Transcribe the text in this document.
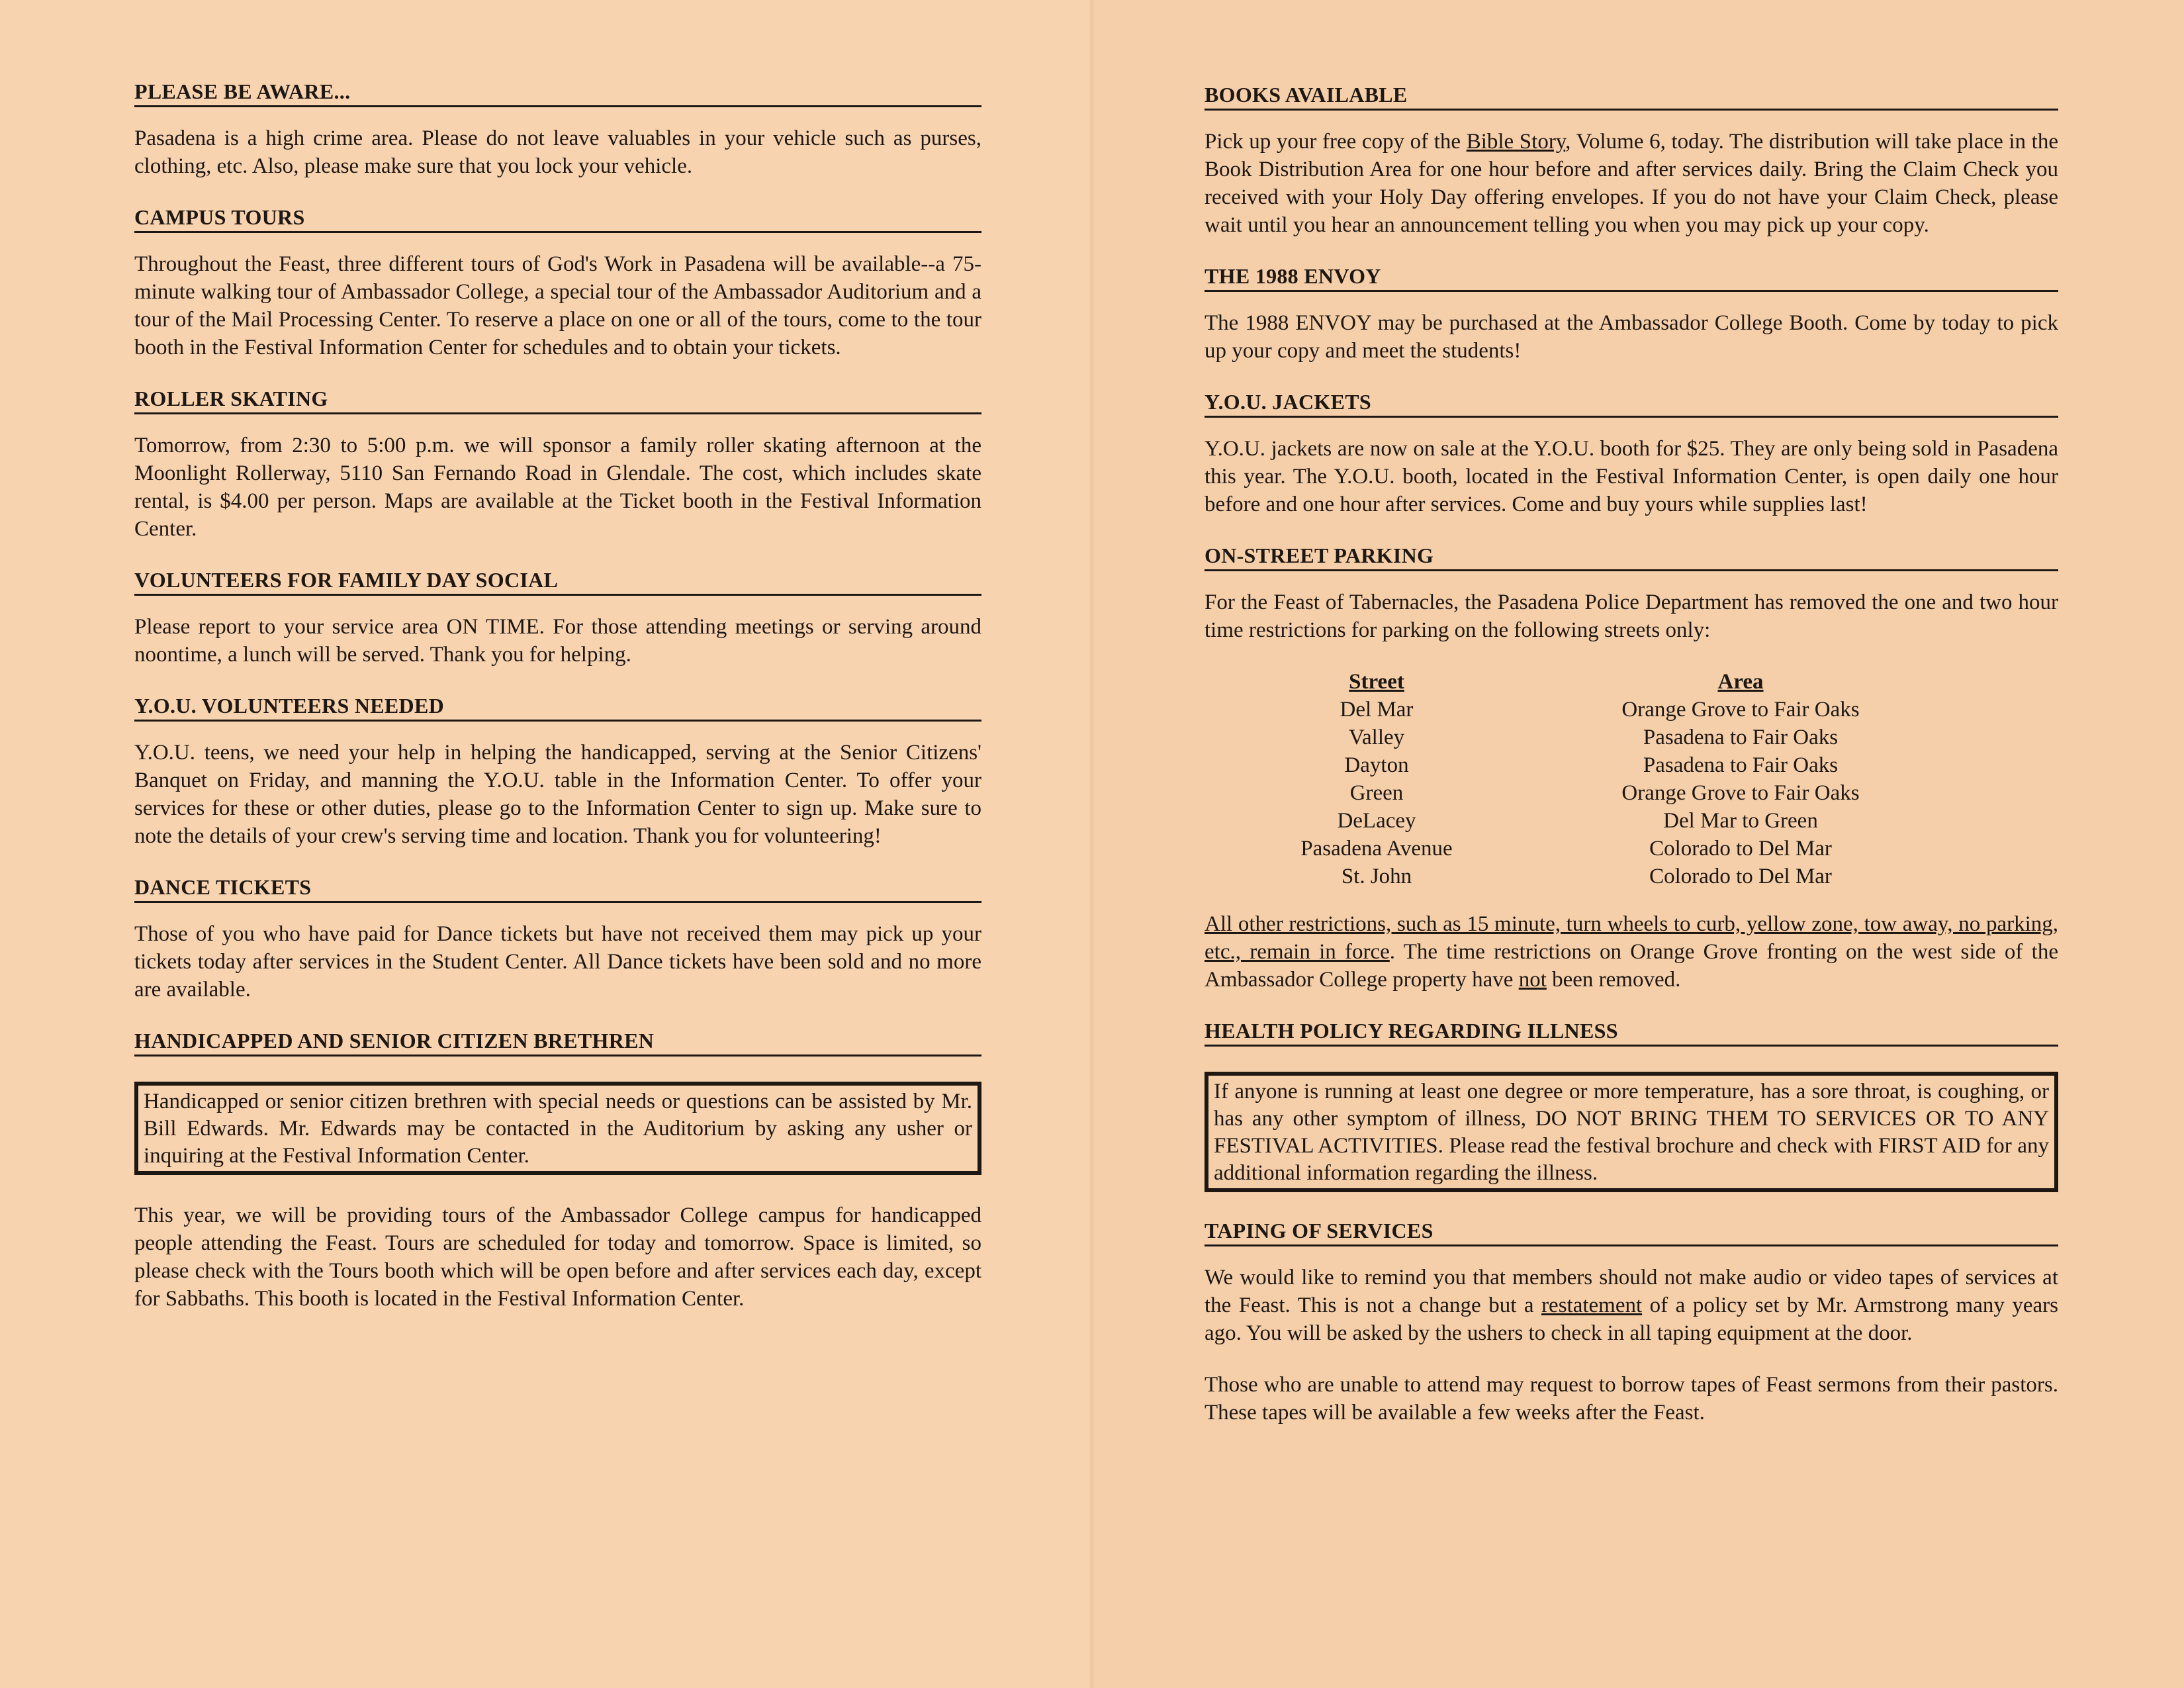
PLEASE BE AWARE...

Pasadena is a high crime area. Please do not leave valuables in your vehicle such as purses, clothing, etc. Also, please make sure that you lock your vehicle.

CAMPUS TOURS

Throughout the Feast, three different tours of God's Work in Pasadena will be available--a 75-minute walking tour of Ambassador College, a special tour of the Ambassador Auditorium and a tour of the Mail Processing Center. To reserve a place on one or all of the tours, come to the tour booth in the Festival Information Center for schedules and to obtain your tickets.

ROLLER SKATING

Tomorrow, from 2:30 to 5:00 p.m. we will sponsor a family roller skating afternoon at the Moonlight Rollerway, 5110 San Fernando Road in Glendale. The cost, which includes skate rental, is $4.00 per person. Maps are available at the Ticket booth in the Festival Information Center.

VOLUNTEERS FOR FAMILY DAY SOCIAL

Please report to your service area ON TIME. For those attending meetings or serving around noontime, a lunch will be served. Thank you for helping.

Y.O.U. VOLUNTEERS NEEDED

Y.O.U. teens, we need your help in helping the handicapped, serving at the Senior Citizens' Banquet on Friday, and manning the Y.O.U. table in the Information Center. To offer your services for these or other duties, please go to the Information Center to sign up. Make sure to note the details of your crew's serving time and location. Thank you for volunteering!

DANCE TICKETS

Those of you who have paid for Dance tickets but have not received them may pick up your tickets today after services in the Student Center. All Dance tickets have been sold and no more are available.

HANDICAPPED AND SENIOR CITIZEN BRETHREN
Handicapped or senior citizen brethren with special needs or questions can be assisted by Mr. Bill Edwards. Mr. Edwards may be contacted in the Auditorium by asking any usher or inquiring at the Festival Information Center.

This year, we will be providing tours of the Ambassador College campus for handicapped people attending the Feast. Tours are scheduled for today and tomorrow. Space is limited, so please check with the Tours booth which will be open before and after services each day, except for Sabbaths. This booth is located in the Festival Information Center.

BOOKS AVAILABLE

Pick up your free copy of the Bible Story, Volume 6, today. The distribution will take place in the Book Distribution Area for one hour before and after services daily. Bring the Claim Check you received with your Holy Day offering envelopes. If you do not have your Claim Check, please wait until you hear an announcement telling you when you may pick up your copy.

THE 1988 ENVOY

The 1988 ENVOY may be purchased at the Ambassador College Booth. Come by today to pick up your copy and meet the students!

Y.O.U. JACKETS

Y.O.U. jackets are now on sale at the Y.O.U. booth for $25. They are only being sold in Pasadena this year. The Y.O.U. booth, located in the Festival Information Center, is open daily one hour before and one hour after services. Come and buy yours while supplies last!

ON-STREET PARKING

For the Feast of Tabernacles, the Pasadena Police Department has removed the one and two hour time restrictions for parking on the following streets only:

Street	Area
Del Mar	Orange Grove to Fair Oaks
Valley	Pasadena to Fair Oaks
Dayton	Pasadena to Fair Oaks
Green	Orange Grove to Fair Oaks
DeLacey	Del Mar to Green
Pasadena Avenue	Colorado to Del Mar
St. John	Colorado to Del Mar

All other restrictions, such as 15 minute, turn wheels to curb, yellow zone, tow away, no parking, etc., remain in force. The time restrictions on Orange Grove fronting on the west side of the Ambassador College property have not been removed.

HEALTH POLICY REGARDING ILLNESS
If anyone is running at least one degree or more temperature, has a sore throat, is coughing, or has any other symptom of illness, DO NOT BRING THEM TO SERVICES OR TO ANY FESTIVAL ACTIVITIES. Please read the festival brochure and check with FIRST AID for any additional information regarding the illness.
TAPING OF SERVICES

We would like to remind you that members should not make audio or video tapes of services at the Feast. This is not a change but a restatement of a policy set by Mr. Armstrong many years ago. You will be asked by the ushers to check in all taping equipment at the door.

Those who are unable to attend may request to borrow tapes of Feast sermons from their pastors. These tapes will be available a few weeks after the Feast.
